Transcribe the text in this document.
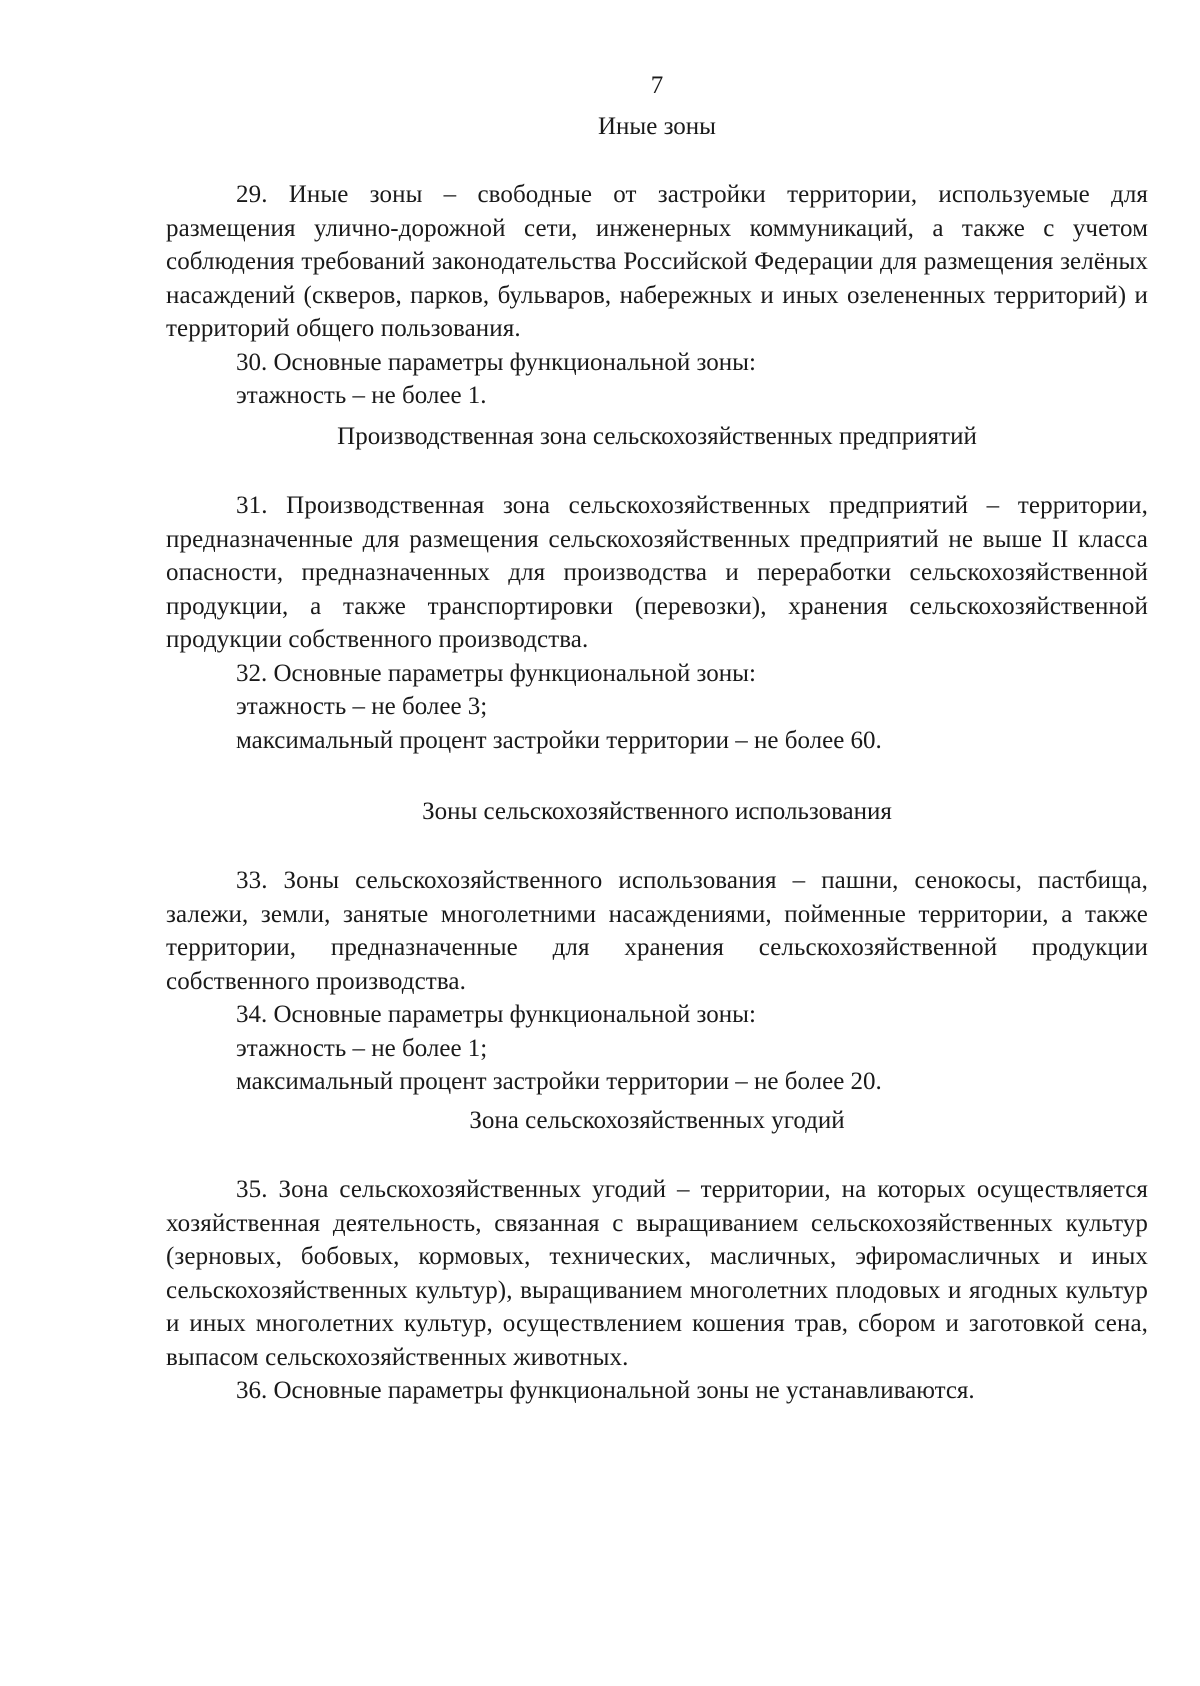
7
Иные зоны

29. Иные зоны – свободные от застройки территории, используемые для размещения улично-дорожной сети, инженерных коммуникаций, а также с учетом соблюдения требований законодательства Российской Федерации для размещения зелёных насаждений (скверов, парков, бульваров, набережных и иных озелененных территорий) и территорий общего пользования.

30. Основные параметры функциональной зоны:

этажность – не более 1.

Производственная зона сельскохозяйственных предприятий

31. Производственная зона сельскохозяйственных предприятий – территории, предназначенные для размещения сельскохозяйственных предприятий не выше II класса опасности, предназначенных для производства и переработки сельскохозяйственной продукции, а также транспортировки (перевозки), хранения сельскохозяйственной продукции собственного производства.

32. Основные параметры функциональной зоны:

этажность – не более 3;

максимальный процент застройки территории – не более 60.

Зоны сельскохозяйственного использования

33. Зоны сельскохозяйственного использования – пашни, сенокосы, пастбища, залежи, земли, занятые многолетними насаждениями, пойменные территории, а также территории, предназначенные для хранения сельскохозяйственной продукции собственного производства.

34. Основные параметры функциональной зоны:

этажность – не более 1;

максимальный процент застройки территории – не более 20.

Зона сельскохозяйственных угодий

35. Зона сельскохозяйственных угодий – территории, на которых осуществляется хозяйственная деятельность, связанная с выращиванием сельскохозяйственных культур (зерновых, бобовых, кормовых, технических, масличных, эфиромасличных и иных сельскохозяйственных культур), выращиванием многолетних плодовых и ягодных культур и иных многолетних культур, осуществлением кошения трав, сбором и заготовкой сена, выпасом сельскохозяйственных животных.

36. Основные параметры функциональной зоны не устанавливаются.
